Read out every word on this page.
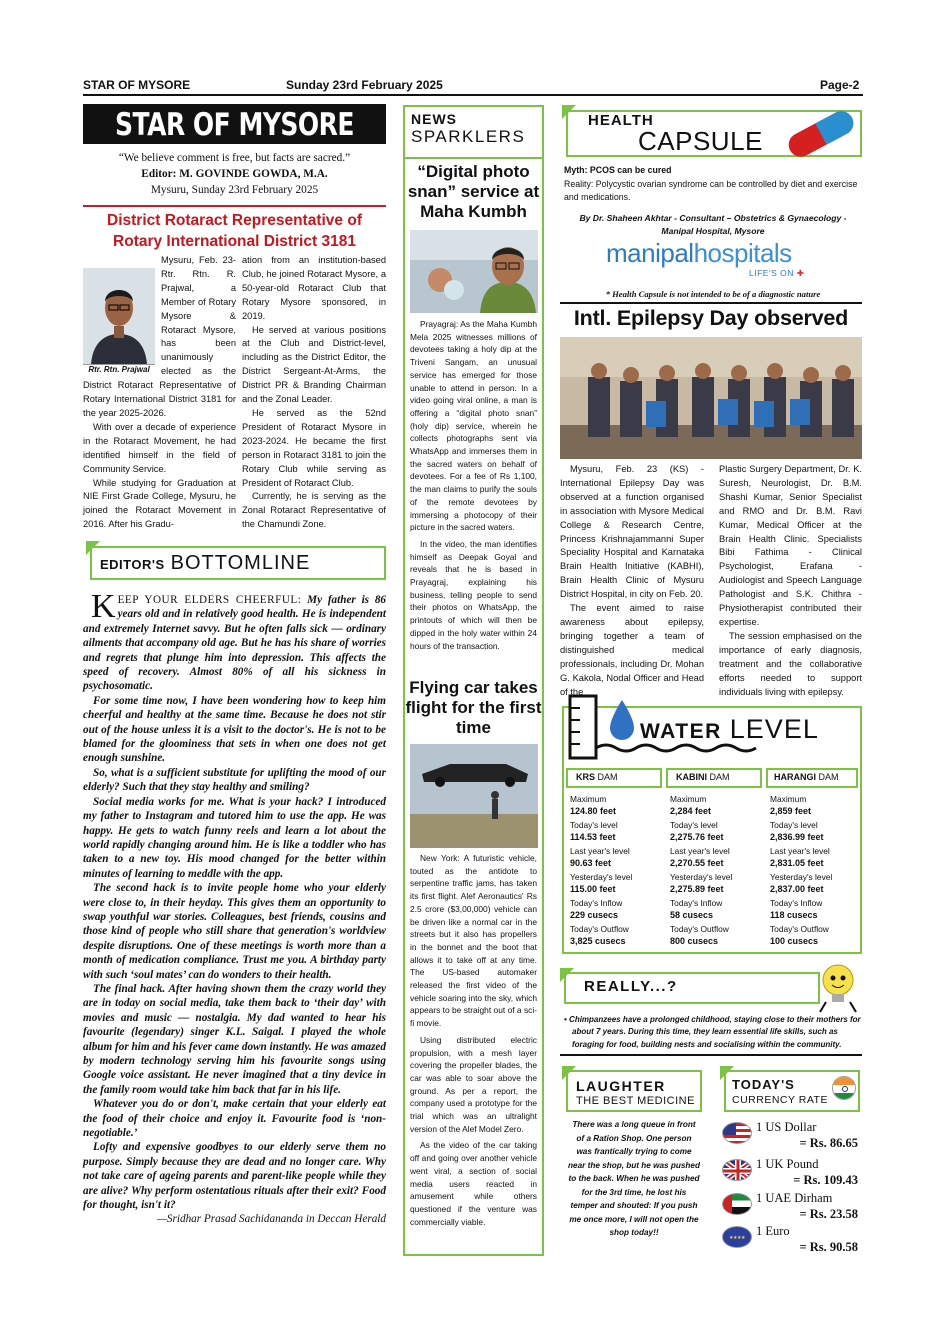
STAR OF MYSORE	Sunday 23rd February 2025	Page-2
STAR OF MYSORE
“We believe comment is free, but facts are sacred.”
Editor: M. GOVINDE GOWDA, M.A.
Mysuru, Sunday 23rd February 2025
District Rotaract Representative of Rotary International District 3181
Rtr. Rtn. Prajwal

Mysuru, Feb. 23- Rtr. Rtn. R. Prajwal, a Member of Rotary Mysore & Rotaract Mysore, has been unanimously elected as the District Rotaract Representative of Rotary International District 3181 for the year 2025-2026.

With over a decade of experience in the Rotaract Movement, he had identified himself in the field of Community Service.

While studying for Graduation at NIE First Grade College, Mysuru, he joined the Rotaract Movement in 2016. After his Gradu-

ation from an institution-based Club, he joined Rotaract Mysore, a 50-year-old Rotaract Club that Rotary Mysore sponsored, in 2019.

He served at various positions at the Club and District-level, including as the District Editor, the District Sergeant-At-Arms, the District PR & Branding Chairman and the Zonal Leader.

He served as the 52nd President of Rotaract Mysore in 2023-2024. He became the first person in Rotaract 3181 to join the Rotary Club while serving as President of Rotaract Club.

Currently, he is serving as the Zonal Rotaract Representative of the Chamundi Zone.

EDITOR'S BOTTOMLINE

KEEP YOUR ELDERS CHEERFUL: My father is 86 years old and in relatively good health. He is independent and extremely Internet savvy. But he often falls sick — ordinary ailments that accompany old age. But he has his share of worries and regrets that plunge him into depression. This affects the speed of recovery. Almost 80% of all his sickness in psychosomatic.

For some time now, I have been wondering how to keep him cheerful and healthy at the same time. Because he does not stir out of the house unless it is a visit to the doctor's. He is not to be blamed for the gloominess that sets in when one does not get enough sunshine.

So, what is a sufficient substitute for uplifting the mood of our elderly? Such that they stay healthy and smiling?

Social media works for me. What is your hack? I introduced my father to Instagram and tutored him to use the app. He was happy. He gets to watch funny reels and learn a lot about the world rapidly changing around him. He is like a toddler who has taken to a new toy. His mood changed for the better within minutes of learning to meddle with the app.

The second hack is to invite people home who your elderly were close to, in their heyday. This gives them an opportunity to swap youthful war stories. Colleagues, best friends, cousins and those kind of people who still share that generation's worldview despite disruptions. One of these meetings is worth more than a month of medication compliance. Trust me you. A birthday party with such ‘soul mates’ can do wonders to their health.

The final hack. After having shown them the crazy world they are in today on social media, take them back to ‘their day’ with movies and music — nostalgia. My dad wanted to hear his favourite (legendary) singer K.L. Saigal. I played the whole album for him and his fever came down instantly. He was amazed by modern technology serving him his favourite songs using Google voice assistant. He never imagined that a tiny device in the family room would take him back that far in his life.

Whatever you do or don't, make certain that your elderly eat the food of their choice and enjoy it. Favourite food is ‘non-negotiable.’

Lofty and expensive goodbyes to our elderly serve them no purpose. Simply because they are dead and no longer care. Why not take care of ageing parents and parent-like people while they are alive? Why perform ostentatious rituals after their exit? Food for thought, isn't it?

—Sridhar Prasad Sachidananda in Deccan Herald

NEWS
SPARKLERS
“Digital photo snan” service at Maha Kumbh

Prayagraj: As the Maha Kumbh Mela 2025 witnesses millions of devotees taking a holy dip at the Triveni Sangam, an unusual service has emerged for those unable to attend in person. In a video going viral online, a man is offering a “digital photo snan” (holy dip) service, wherein he collects photographs sent via WhatsApp and immerses them in the sacred waters on behalf of devotees. For a fee of Rs 1,100, the man claims to purify the souls of the remote devotees by immersing a photocopy of their picture in the sacred waters.

In the video, the man identifies himself as Deepak Goyal and reveals that he is based in Prayagraj, explaining his business, telling people to send their photos on WhatsApp, the printouts of which will then be dipped in the holy water within 24 hours of the transaction.

Flying car takes flight for the first time

New York: A futuristic vehicle, touted as the antidote to serpentine traffic jams, has taken its first flight. Alef Aeronautics' Rs 2.5 crore ($3,00,000) vehicle can be driven like a normal car in the streets but it also has propellers in the bonnet and the boot that allows it to take off at any time. The US-based automaker released the first video of the vehicle soaring into the sky, which appears to be straight out of a sci-fi movie.

Using distributed electric propulsion, with a mesh layer covering the propeller blades, the car was able to soar above the ground. As per a report, the company used a prototype for the trial which was an ultralight version of the Alef Model Zero.

As the video of the car taking off and going over another vehicle went viral, a section of social media users reacted in amusement while others questioned if the venture was commercially viable.

HEALTH
CAPSULE
Myth: PCOS can be cured
Reality: Polycystic ovarian syndrome can be controlled by diet and exercise and medications.
By Dr. Shaheen Akhtar - Consultant – Obstetrics & Gynaecology - Manipal Hospital, Mysore
manipalhospitals
LIFE'S ON ✚
* Health Capsule is not intended to be of a diagnostic nature
Intl. Epilepsy Day observed

Mysuru, Feb. 23 (KS) - International Epilepsy Day was observed at a function organised in association with Mysore Medical College & Research Centre, Princess Krishnajammanni Super Speciality Hospital and Karnataka Brain Health Initiative (KABHI), Brain Health Clinic of Mysuru District Hospital, in city on Feb. 20.

The event aimed to raise awareness about epilepsy, bringing together a team of distinguished medical professionals, including Dr. Mohan G. Kakola, Nodal Officer and Head of the

Plastic Surgery Department, Dr. K. Suresh, Neurologist, Dr. B.M. Shashi Kumar, Senior Specialist and RMO and Dr. B.M. Ravi Kumar, Medical Officer at the Brain Health Clinic. Specialists Bibi Fathima - Clinical Psychologist, Erafana - Audiologist and Speech Language Pathologist and S.K. Chithra - Physiotherapist contributed their expertise.

The session emphasised on the importance of early diagnosis, treatment and the collaborative efforts needed to support individuals living with epilepsy.

WATER LEVEL
KRS DAM
Maximum
124.80 feet
Today's level
114.53 feet
Last year's level
90.63 feet
Yesterday's level
115.00 feet
Today's Inflow
229 cusecs
Today's Outflow
3,825 cusecs
KABINI DAM
Maximum
2,284 feet
Today's level
2,275.76 feet
Last year's level
2,270.55 feet
Yesterday's level
2,275.89 feet
Today's Inflow
58 cusecs
Today's Outflow
800 cusecs
HARANGI DAM
Maximum
2,859 feet
Today's level
2,836.99 feet
Last year's level
2,831.05 feet
Yesterday's level
2,837.00 feet
Today's Inflow
118 cusecs
Today's Outflow
100 cusecs
REALLY...?
• Chimpanzees have a prolonged childhood, staying close to their mothers for about 7 years. During this time, they learn essential life skills, such as foraging for food, building nests and socialising within the community.
LAUGHTER
THE BEST MEDICINE
There was a long queue in front of a Ration Shop. One person was frantically trying to come near the shop, but he was pushed to the back. When he was pushed for the 3rd time, he lost his temper and shouted: If you push me once more, I will not open the shop today!!
TODAY'S
CURRENCY RATE
1 US Dollar
= Rs. 86.65
1 UK Pound
= Rs. 109.43
1 UAE Dirham
= Rs. 23.58
★★★★ 1 Euro
= Rs. 90.58
